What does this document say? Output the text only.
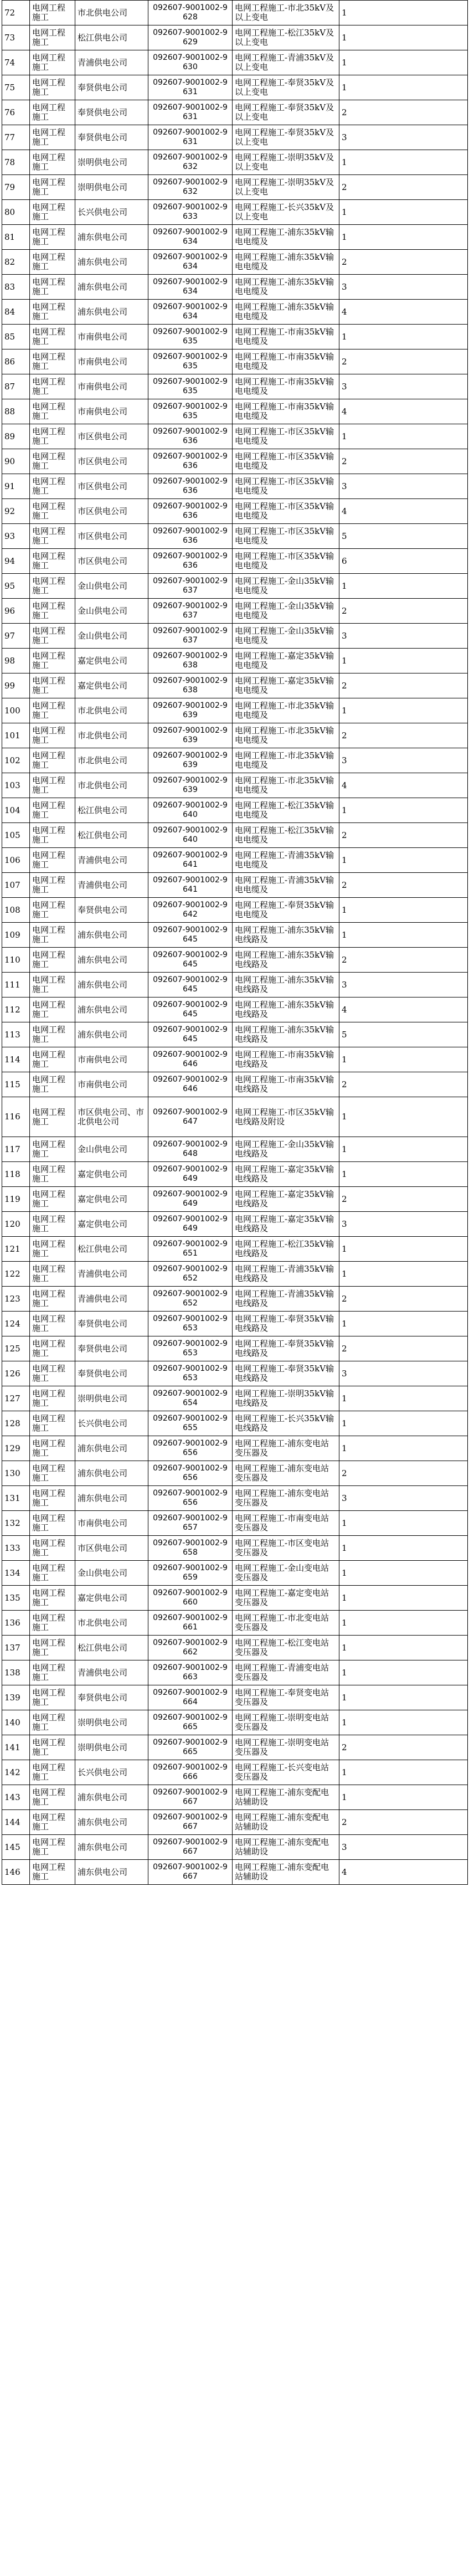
72	电网工程施工	市北供电公司	092607-9001002-9628	电网工程施工-市北35kV及以上变电	1
73	电网工程施工	松江供电公司	092607-9001002-9629	电网工程施工-松江35kV及以上变电	1
74	电网工程施工	青浦供电公司	092607-9001002-9630	电网工程施工-青浦35kV及以上变电	1
75	电网工程施工	奉贤供电公司	092607-9001002-9631	电网工程施工-奉贤35kV及以上变电	1
76	电网工程施工	奉贤供电公司	092607-9001002-9631	电网工程施工-奉贤35kV及以上变电	2
77	电网工程施工	奉贤供电公司	092607-9001002-9631	电网工程施工-奉贤35kV及以上变电	3
78	电网工程施工	崇明供电公司	092607-9001002-9632	电网工程施工-崇明35kV及以上变电	1
79	电网工程施工	崇明供电公司	092607-9001002-9632	电网工程施工-崇明35kV及以上变电	2
80	电网工程施工	长兴供电公司	092607-9001002-9633	电网工程施工-长兴35kV及以上变电	1
81	电网工程施工	浦东供电公司	092607-9001002-9634	电网工程施工-浦东35kV输电电缆及	1
82	电网工程施工	浦东供电公司	092607-9001002-9634	电网工程施工-浦东35kV输电电缆及	2
83	电网工程施工	浦东供电公司	092607-9001002-9634	电网工程施工-浦东35kV输电电缆及	3
84	电网工程施工	浦东供电公司	092607-9001002-9634	电网工程施工-浦东35kV输电电缆及	4
85	电网工程施工	市南供电公司	092607-9001002-9635	电网工程施工-市南35kV输电电缆及	1
86	电网工程施工	市南供电公司	092607-9001002-9635	电网工程施工-市南35kV输电电缆及	2
87	电网工程施工	市南供电公司	092607-9001002-9635	电网工程施工-市南35kV输电电缆及	3
88	电网工程施工	市南供电公司	092607-9001002-9635	电网工程施工-市南35kV输电电缆及	4
89	电网工程施工	市区供电公司	092607-9001002-9636	电网工程施工-市区35kV输电电缆及	1
90	电网工程施工	市区供电公司	092607-9001002-9636	电网工程施工-市区35kV输电电缆及	2
91	电网工程施工	市区供电公司	092607-9001002-9636	电网工程施工-市区35kV输电电缆及	3
92	电网工程施工	市区供电公司	092607-9001002-9636	电网工程施工-市区35kV输电电缆及	4
93	电网工程施工	市区供电公司	092607-9001002-9636	电网工程施工-市区35kV输电电缆及	5
94	电网工程施工	市区供电公司	092607-9001002-9636	电网工程施工-市区35kV输电电缆及	6
95	电网工程施工	金山供电公司	092607-9001002-9637	电网工程施工-金山35kV输电电缆及	1
96	电网工程施工	金山供电公司	092607-9001002-9637	电网工程施工-金山35kV输电电缆及	2
97	电网工程施工	金山供电公司	092607-9001002-9637	电网工程施工-金山35kV输电电缆及	3
98	电网工程施工	嘉定供电公司	092607-9001002-9638	电网工程施工-嘉定35kV输电电缆及	1
99	电网工程施工	嘉定供电公司	092607-9001002-9638	电网工程施工-嘉定35kV输电电缆及	2
100	电网工程施工	市北供电公司	092607-9001002-9639	电网工程施工-市北35kV输电电缆及	1
101	电网工程施工	市北供电公司	092607-9001002-9639	电网工程施工-市北35kV输电电缆及	2
102	电网工程施工	市北供电公司	092607-9001002-9639	电网工程施工-市北35kV输电电缆及	3
103	电网工程施工	市北供电公司	092607-9001002-9639	电网工程施工-市北35kV输电电缆及	4
104	电网工程施工	松江供电公司	092607-9001002-9640	电网工程施工-松江35kV输电电缆及	1
105	电网工程施工	松江供电公司	092607-9001002-9640	电网工程施工-松江35kV输电电缆及	2
106	电网工程施工	青浦供电公司	092607-9001002-9641	电网工程施工-青浦35kV输电电缆及	1
107	电网工程施工	青浦供电公司	092607-9001002-9641	电网工程施工-青浦35kV输电电缆及	2
108	电网工程施工	奉贤供电公司	092607-9001002-9642	电网工程施工-奉贤35kV输电电缆及	1
109	电网工程施工	浦东供电公司	092607-9001002-9645	电网工程施工-浦东35kV输电线路及	1
110	电网工程施工	浦东供电公司	092607-9001002-9645	电网工程施工-浦东35kV输电线路及	2
111	电网工程施工	浦东供电公司	092607-9001002-9645	电网工程施工-浦东35kV输电线路及	3
112	电网工程施工	浦东供电公司	092607-9001002-9645	电网工程施工-浦东35kV输电线路及	4
113	电网工程施工	浦东供电公司	092607-9001002-9645	电网工程施工-浦东35kV输电线路及	5
114	电网工程施工	市南供电公司	092607-9001002-9646	电网工程施工-市南35kV输电线路及	1
115	电网工程施工	市南供电公司	092607-9001002-9646	电网工程施工-市南35kV输电线路及	2
116	电网工程施工	市区供电公司、市北供电公司	092607-9001002-9647	电网工程施工-市区35kV输电线路及附设	1
117	电网工程施工	金山供电公司	092607-9001002-9648	电网工程施工-金山35kV输电线路及	1
118	电网工程施工	嘉定供电公司	092607-9001002-9649	电网工程施工-嘉定35kV输电线路及	1
119	电网工程施工	嘉定供电公司	092607-9001002-9649	电网工程施工-嘉定35kV输电线路及	2
120	电网工程施工	嘉定供电公司	092607-9001002-9649	电网工程施工-嘉定35kV输电线路及	3
121	电网工程施工	松江供电公司	092607-9001002-9651	电网工程施工-松江35kV输电线路及	1
122	电网工程施工	青浦供电公司	092607-9001002-9652	电网工程施工-青浦35kV输电线路及	1
123	电网工程施工	青浦供电公司	092607-9001002-9652	电网工程施工-青浦35kV输电线路及	2
124	电网工程施工	奉贤供电公司	092607-9001002-9653	电网工程施工-奉贤35kV输电线路及	1
125	电网工程施工	奉贤供电公司	092607-9001002-9653	电网工程施工-奉贤35kV输电线路及	2
126	电网工程施工	奉贤供电公司	092607-9001002-9653	电网工程施工-奉贤35kV输电线路及	3
127	电网工程施工	崇明供电公司	092607-9001002-9654	电网工程施工-崇明35kV输电线路及	1
128	电网工程施工	长兴供电公司	092607-9001002-9655	电网工程施工-长兴35kV输电线路及	1
129	电网工程施工	浦东供电公司	092607-9001002-9656	电网工程施工-浦东变电站变压器及	1
130	电网工程施工	浦东供电公司	092607-9001002-9656	电网工程施工-浦东变电站变压器及	2
131	电网工程施工	浦东供电公司	092607-9001002-9656	电网工程施工-浦东变电站变压器及	3
132	电网工程施工	市南供电公司	092607-9001002-9657	电网工程施工-市南变电站变压器及	1
133	电网工程施工	市区供电公司	092607-9001002-9658	电网工程施工-市区变电站变压器及	1
134	电网工程施工	金山供电公司	092607-9001002-9659	电网工程施工-金山变电站变压器及	1
135	电网工程施工	嘉定供电公司	092607-9001002-9660	电网工程施工-嘉定变电站变压器及	1
136	电网工程施工	市北供电公司	092607-9001002-9661	电网工程施工-市北变电站变压器及	1
137	电网工程施工	松江供电公司	092607-9001002-9662	电网工程施工-松江变电站变压器及	1
138	电网工程施工	青浦供电公司	092607-9001002-9663	电网工程施工-青浦变电站变压器及	1
139	电网工程施工	奉贤供电公司	092607-9001002-9664	电网工程施工-奉贤变电站变压器及	1
140	电网工程施工	崇明供电公司	092607-9001002-9665	电网工程施工-崇明变电站变压器及	1
141	电网工程施工	崇明供电公司	092607-9001002-9665	电网工程施工-崇明变电站变压器及	2
142	电网工程施工	长兴供电公司	092607-9001002-9666	电网工程施工-长兴变电站变压器及	1
143	电网工程施工	浦东供电公司	092607-9001002-9667	电网工程施工-浦东变配电站辅助设	1
144	电网工程施工	浦东供电公司	092607-9001002-9667	电网工程施工-浦东变配电站辅助设	2
145	电网工程施工	浦东供电公司	092607-9001002-9667	电网工程施工-浦东变配电站辅助设	3
146	电网工程施工	浦东供电公司	092607-9001002-9667	电网工程施工-浦东变配电站辅助设	4
